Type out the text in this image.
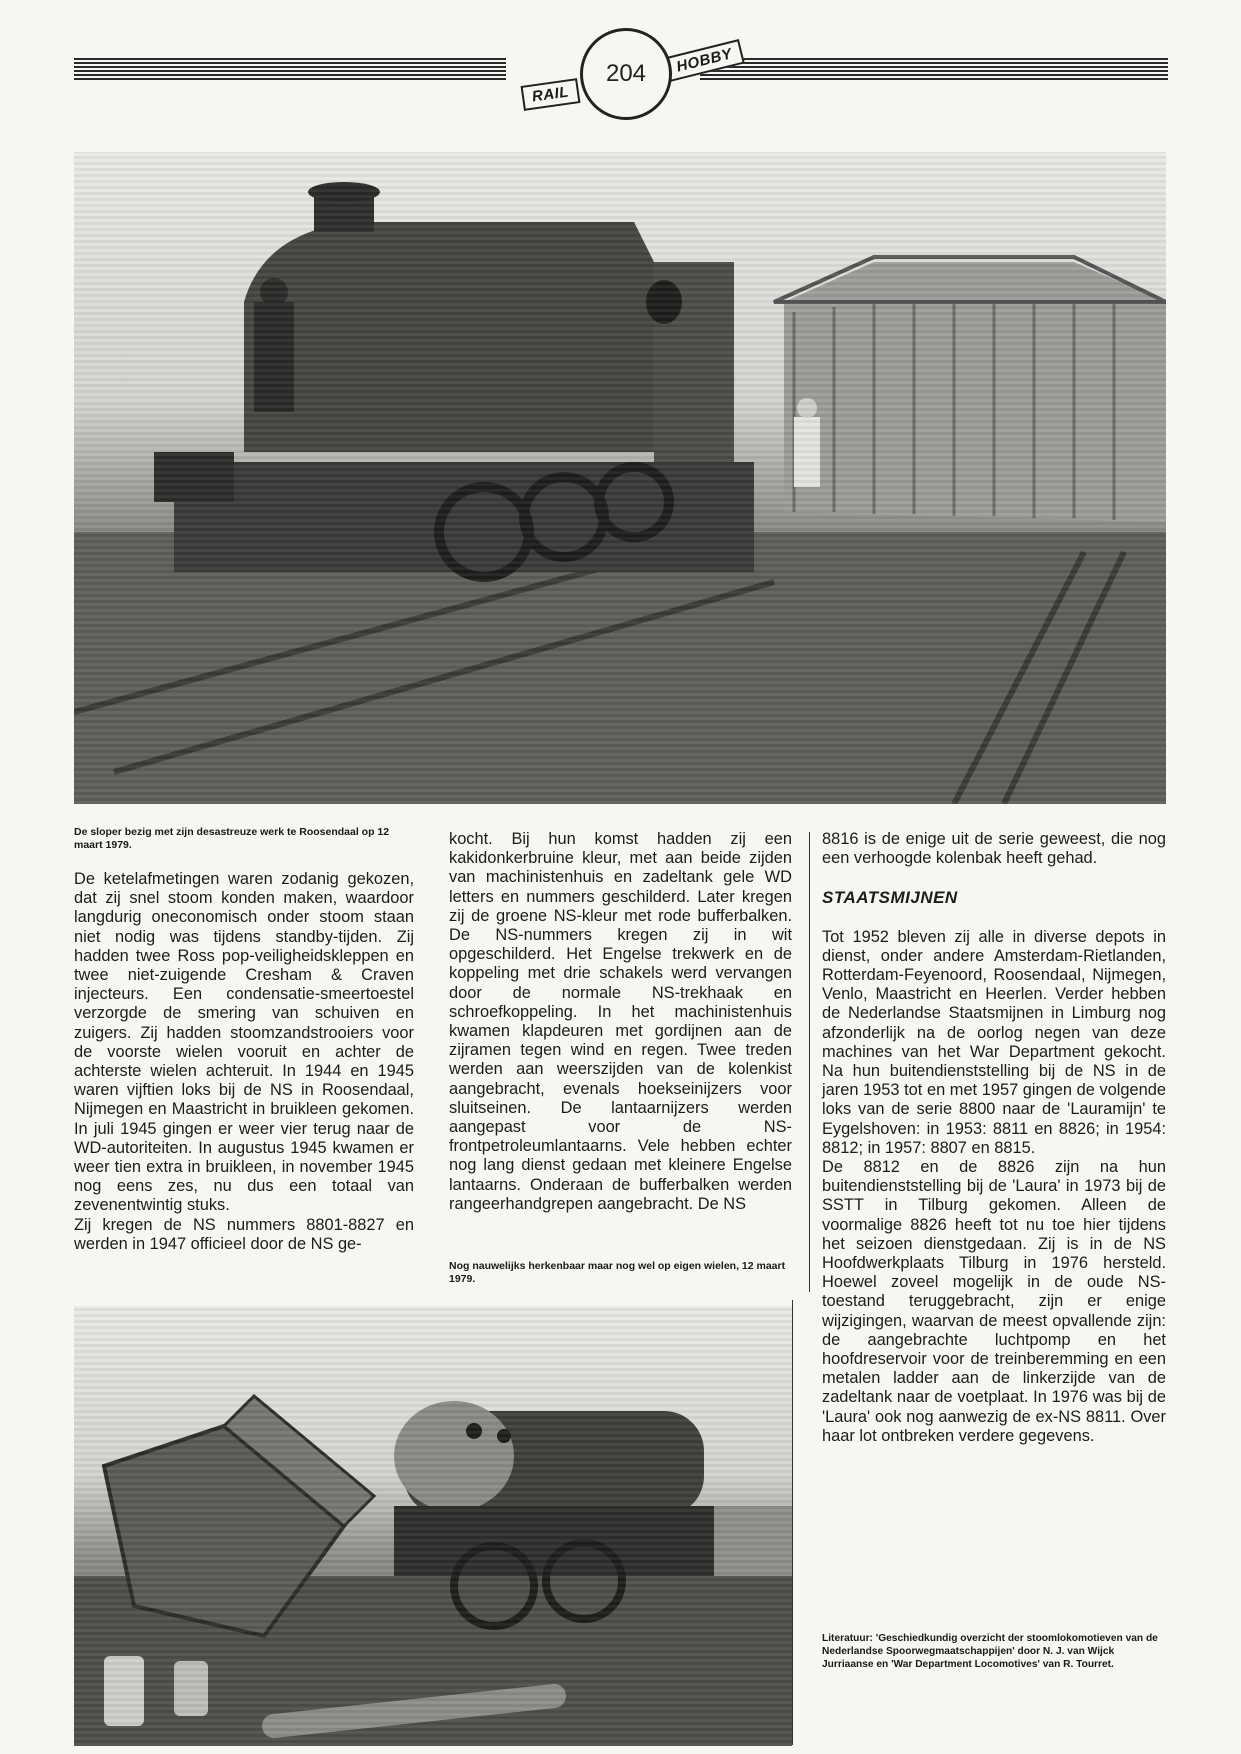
RAIL
HOBBY
204
De sloper bezig met zijn desastreuze werk te Roosendaal op 12 maart 1979.

De ketelafmetingen waren zodanig gekozen, dat zij snel stoom konden maken, waardoor langdurig oneconomisch onder stoom staan niet nodig was tijdens standby-tijden. Zij hadden twee Ross pop-veiligheidskleppen en twee niet-zuigende Cresham & Craven injecteurs. Een condensatie-smeertoestel verzorgde de smering van schuiven en zuigers. Zij hadden stoomzandstrooiers voor de voorste wielen vooruit en achter de achterste wielen achteruit. In 1944 en 1945 waren vijftien loks bij de NS in Roosendaal, Nijmegen en Maastricht in bruikleen gekomen. In juli 1945 gingen er weer vier terug naar de WD-autoriteiten. In augustus 1945 kwamen er weer tien extra in bruikleen, in november 1945 nog eens zes, nu dus een totaal van zevenentwintig stuks.

Zij kregen de NS nummers 8801-8827 en werden in 1947 officieel door de NS ge-

kocht. Bij hun komst hadden zij een kakidonkerbruine kleur, met aan beide zijden van machinistenhuis en zadeltank gele WD letters en nummers geschilderd. Later kregen zij de groene NS-kleur met rode bufferbalken. De NS-nummers kregen zij in wit opgeschilderd. Het Engelse trekwerk en de koppeling met drie schakels werd vervangen door de normale NS-trekhaak en schroefkoppeling. In het machinistenhuis kwamen klapdeuren met gordijnen aan de zijramen tegen wind en regen. Twee treden werden aan weerszijden van de kolenkist aangebracht, evenals hoekseinijzers voor sluitseinen. De lantaarnijzers werden aangepast voor de NS-frontpetroleumlantaarns. Vele hebben echter nog lang dienst gedaan met kleinere Engelse lantaarns. Onderaan de bufferbalken werden rangeerhandgrepen aangebracht. De NS

Nog nauwelijks herkenbaar maar nog wel op eigen wielen, 12 maart 1979.

8816 is de enige uit de serie geweest, die nog een verhoogde kolenbak heeft gehad.

STAATSMIJNEN

Tot 1952 bleven zij alle in diverse depots in dienst, onder andere Amsterdam-Rietlanden, Rotterdam-Feyenoord, Roosendaal, Nijmegen, Venlo, Maastricht en Heerlen. Verder hebben de Nederlandse Staatsmijnen in Limburg nog afzonderlijk na de oorlog negen van deze machines van het War Department gekocht. Na hun buitendienststelling bij de NS in de jaren 1953 tot en met 1957 gingen de volgende loks van de serie 8800 naar de 'Lauramijn' te Eygelshoven: in 1953: 8811 en 8826; in 1954: 8812; in 1957: 8807 en 8815.

De 8812 en de 8826 zijn na hun buitendienststelling bij de 'Laura' in 1973 bij de SSTT in Tilburg gekomen. Alleen de voormalige 8826 heeft tot nu toe hier tijdens het seizoen dienstgedaan. Zij is in de NS Hoofdwerkplaats Tilburg in 1976 hersteld. Hoewel zoveel mogelijk in de oude NS-toestand teruggebracht, zijn er enige wijzigingen, waarvan de meest opvallende zijn: de aangebrachte luchtpomp en het hoofdreservoir voor de treinberemming en een metalen ladder aan de linkerzijde van de zadeltank naar de voetplaat. In 1976 was bij de 'Laura' ook nog aanwezig de ex-NS 8811. Over haar lot ontbreken verdere gegevens.

Literatuur: 'Geschiedkundig overzicht der stoomlokomotieven van de Nederlandse Spoorwegmaatschappijen' door N. J. van Wijck Jurriaanse en 'War Department Locomotives' van R. Tourret.
